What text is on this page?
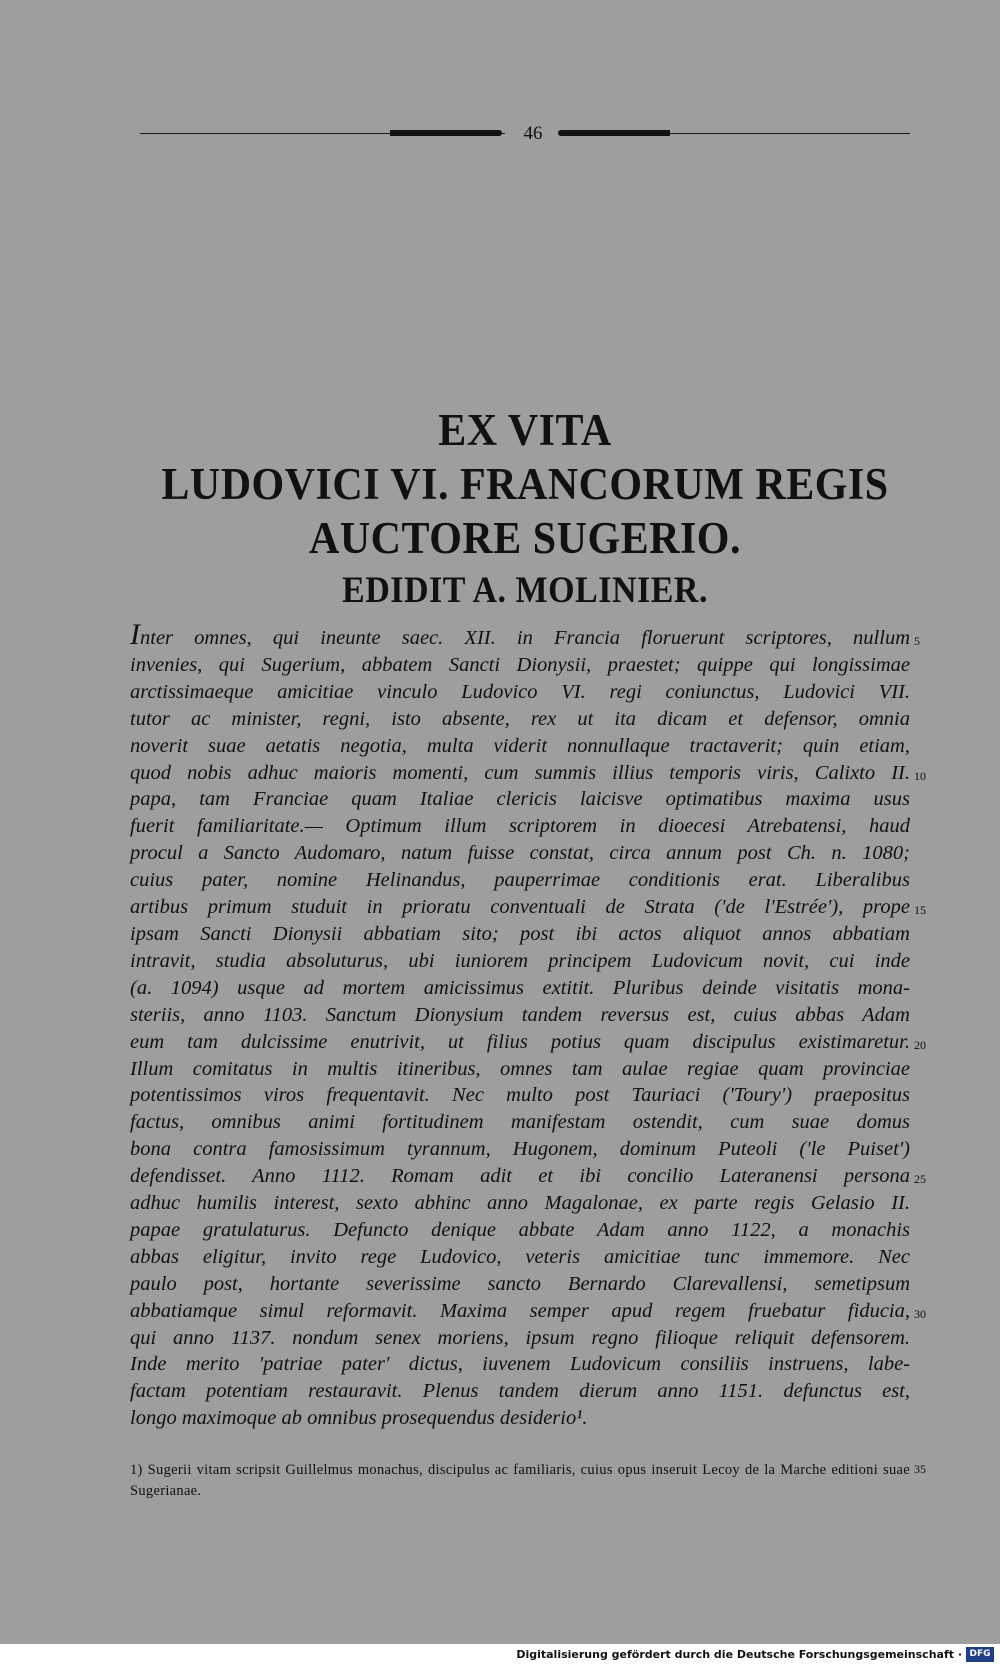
46
EX VITA
LUDOVICI VI. FRANCORUM REGIS
AUCTORE SUGERIO.
EDIDIT A. MOLINIER.
Inter omnes, qui ineunte saec. XII. in Francia floruerunt scriptores, nullum
invenies, qui Sugerium, abbatem Sancti Dionysii, praestet; quippe qui longissimae
arctissimaeque amicitiae vinculo Ludovico VI. regi coniunctus, Ludovici VII.
tutor ac minister, regni, isto absente, rex ut ita dicam et defensor, omnia
noverit suae aetatis negotia, multa viderit nonnullaque tractaverit; quin etiam,
quod nobis adhuc maioris momenti, cum summis illius temporis viris, Calixto II.
papa, tam Franciae quam Italiae clericis laicisve optimatibus maxima usus
fuerit familiaritate.— Optimum illum scriptorem in dioecesi Atrebatensi, haud
procul a Sancto Audomaro, natum fuisse constat, circa annum post Ch. n. 1080;
cuius pater, nomine Helinandus, pauperrimae conditionis erat. Liberalibus
artibus primum studuit in prioratu conventuali de Strata ('de l'Estrée'), prope
ipsam Sancti Dionysii abbatiam sito; post ibi actos aliquot annos abbatiam
intravit, studia absoluturus, ubi iuniorem principem Ludovicum novit, cui inde
(a. 1094) usque ad mortem amicissimus extitit. Pluribus deinde visitatis mona-
steriis, anno 1103. Sanctum Dionysium tandem reversus est, cuius abbas Adam
eum tam dulcissime enutrivit, ut filius potius quam discipulus existimaretur.
Illum comitatus in multis itineribus, omnes tam aulae regiae quam provinciae
potentissimos viros frequentavit. Nec multo post Tauriaci ('Toury') praepositus
factus, omnibus animi fortitudinem manifestam ostendit, cum suae domus
bona contra famosissimum tyrannum, Hugonem, dominum Puteoli ('le Puiset')
defendisset. Anno 1112. Romam adit et ibi concilio Lateranensi persona
adhuc humilis interest, sexto abhinc anno Magalonae, ex parte regis Gelasio II.
papae gratulaturus. Defuncto denique abbate Adam anno 1122, a monachis
abbas eligitur, invito rege Ludovico, veteris amicitiae tunc immemore. Nec
paulo post, hortante severissime sancto Bernardo Clarevallensi, semetipsum
abbatiamque simul reformavit. Maxima semper apud regem fruebatur fiducia,
qui anno 1137. nondum senex moriens, ipsum regno filioque reliquit defensorem.
Inde merito 'patriae pater' dictus, iuvenem Ludovicum consiliis instruens, labe-
factam potentiam restauravit. Plenus tandem dierum anno 1151. defunctus est,
longo maximoque ab omnibus prosequendus desiderio¹.
5
10
15
20
25
30
1) Sugerii vitam scripsit Guillelmus monachus, discipulus ac familiaris, cuius opus inseruit Lecoy de la Marche editioni suae Sugerianae.
35
Digitalisierung gefördert durch die Deutsche Forschungsgemeinschaft · DFG
